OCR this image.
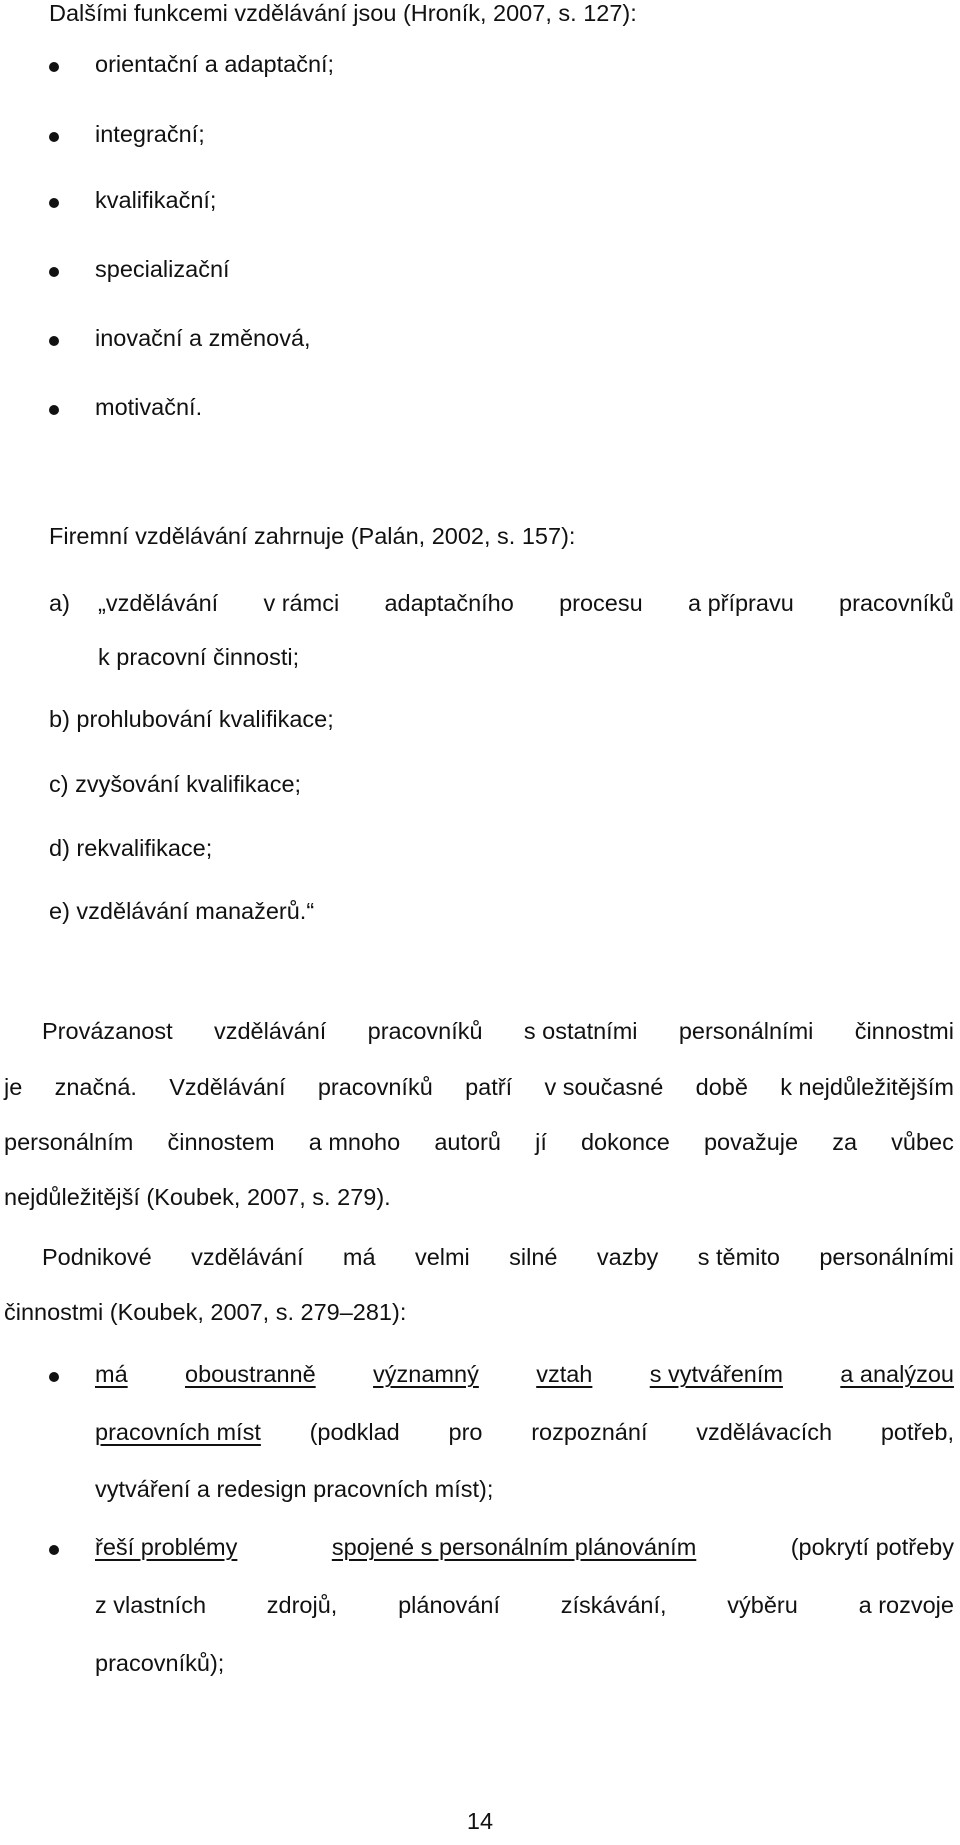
Dalšími funkcemi vzdělávání jsou (Hroník, 2007, s. 127):
orientační a adaptační;
integrační;
kvalifikační;
specializační
inovační a změnová,
motivační.
Firemní vzdělávání zahrnuje (Palán, 2002, s. 157):
a) „vzdělávání v rámci adaptačního procesu a přípravu pracovníků
k pracovní činnosti;
b) prohlubování kvalifikace;
c) zvyšování kvalifikace;
d) rekvalifikace;
e) vzdělávání manažerů.“
Provázanost vzdělávání pracovníků s ostatními personálními činnostmi
je značná. Vzdělávání pracovníků patří v současné době k nejdůležitějším
personálním činnostem a mnoho autorů jí dokonce považuje za vůbec
nejdůležitější (Koubek, 2007, s. 279).
Podnikové vzdělávání má velmi silné vazby s těmito personálními
činnostmi (Koubek, 2007, s. 279–281):
má oboustranně významný vztah s vytvářením a analýzou
pracovních míst (podklad pro rozpoznání vzdělávacích potřeb,
vytváření a redesign pracovních míst);
řeší problémy	spojené s personálním plánováním	(pokrytí potřeby
z vlastních	zdrojů,	plánování	získávání,	výběru	a rozvoje
pracovníků);
14
